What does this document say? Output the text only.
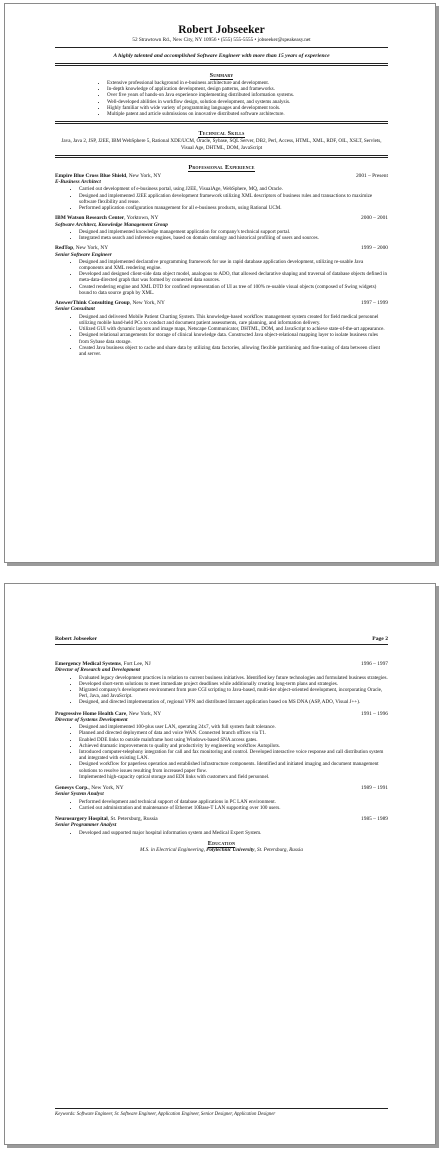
Robert Jobseeker
52 Strawtown Rd., New City, NY 10956 • (555) 555-5555 • jobseeker@speakeasy.net
A highly talented and accomplished Software Engineer with more than 15 years of experience
Summary
• Extensive professional background in e-business architecture and development.
• In-depth knowledge of application development, design patterns, and frameworks.
• Over five years of hands-on Java experience implementing distributed information systems.
• Well-developed abilities in workflow design, solution development, and systems analysis.
• Highly familiar with wide variety of programming languages and development tools.
• Multiple patent and article submissions on innovative distributed software architecture.
Technical Skills
Java, Java 2, JSP, J2EE, IBM WebSphere 5, Rational XDE/UCM, Oracle, Sybase, SQL Server, DB2, Perl, Access, HTML, XML, RDF, OIL, XSLT, Servlets, Visual Age, DHTML, DOM, JavaScript
Professional Experience
Empire Blue Cross Blue Shield, New York, NY	2001 – Present
E-Business Architect
• Carried out development of e-business portal, using J2EE, VisualAge, WebSphere, MQ, and Oracle.
• Designed and implemented J2EE application development framework utilizing XML descriptors of business rules and transactions to maximize software flexibility and reuse.
• Performed application configuration management for all e-business products, using Rational UCM.
IBM Watson Research Center, Yorktown, NY	2000 – 2001
Software Architect, Knowledge Management Group
• Designed and implemented knowledge management application for company's technical support portal.
• Integrated meta search and inference engines, based on domain ontology and historical profiling of users and sources.
RedTop, New York, NY	1999 – 2000
Senior Software Engineer
• Designed and implemented declarative programming framework for use in rapid database application development, utilizing re-usable Java components and XML rendering engine.
• Developed and designed client-side data object model, analogous to ADO, that allowed declarative shaping and traversal of database objects defined in meta-data-directed graph that was formed by connected data sources.
• Created rendering engine and XML DTD for confined representation of UI as tree of 100% re-usable visual objects (composed of Swing widgets) bound to data source graph by XML.
AnswerThink Consulting Group, New York, NY	1997 – 1999
Senior Consultant
• Designed and delivered Mobile Patient Charting System. This knowledge-based workflow management system created for field medical personnel utilizing mobile hand-held PCs to conduct and document patient assessments, care planning, and information delivery.
• Utilized GUI with dynamic layouts and image maps, Netscape Communicator, DHTML, DOM, and JavaScript to achieve state-of-the-art appearance.
• Designed relational arrangements for storage of clinical knowledge data. Constructed Java object-relational mapping layer to isolate business rules from Sybase data storage.
• Created Java business object to cache and share data by utilizing data factories, allowing flexible partitioning and fine-tuning of data between client and server.
Robert Jobseeker	Page 2
Emergency Medical Systems, Fort Lee, NJ	1996 – 1997
Director of Research and Development
• Evaluated legacy development practices in relation to current business initiatives. Identified key future technologies and formulated business strategies.
• Developed short-term solutions to meet immediate project deadlines while additionally creating long-term plans and strategies.
• Migrated company's development environment from pure CGI scripting to Java-based, multi-tier object-oriented development, incorporating Oracle, Perl, Java, and JavaScript.
• Designed, and directed implementation of, regional VPN and distributed Intranet application based on MS DNA (ASP, ADO, Visual J++).
Progressive Home Health Care, New York, NY	1991 – 1996
Director of Systems Development
• Designed and implemented 100-plus user LAN, operating 24x7, with full system fault tolerance.
• Planned and directed deployment of data and voice WAN. Connected branch offices via T1.
• Enabled DDE links to outside mainframe host using Windows-based SNA access gates.
• Achieved dramatic improvements to quality and productivity by engineering workflow Autopilots.
• Introduced computer-telephony integration for call and fax monitoring and control. Developed interactive voice response and call distribution system and integrated with existing LAN.
• Designed workflow for paperless operation and established infrastructure components. Identified and initiated imaging and document management solutions to resolve issues resulting from increased paper flow.
• Implemented high-capacity optical storage and EDI links with customers and field personnel.
Genesys Corp., New York, NY	1989 – 1991
Senior System Analyst
• Performed development and technical support of database applications in PC LAN environment.
• Carried out administration and maintenance of Ethernet 10Base-T LAN supporting over 100 users.
Neurosurgery Hospital, St. Petersburg, Russia	1985 – 1989
Senior Programmer Analyst
• Developed and supported major hospital information system and Medical Expert System.
Education
M.S. in Electrical Engineering, Polytechnic University, St. Petersburg, Russia
Keywords: Software Engineer, Sr. Software Engineer, Application Engineer, Senior Designer, Application Designer
